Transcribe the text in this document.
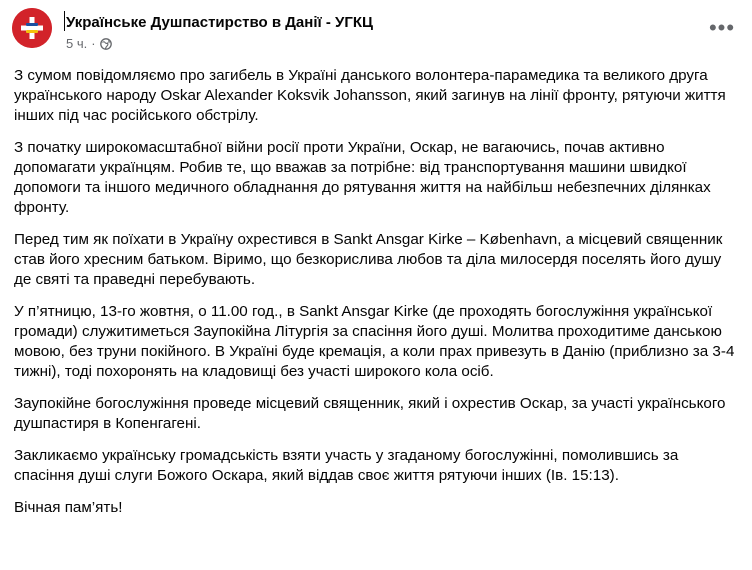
Українське Душпастирство в Данії - УГКЦ
5 ч. ·
•••

З сумом повідомляємо про загибель в Україні данського волонтера-парамедика та великого друга українського народу Oskar Alexander Koksvik Johansson, який загинув на лінії фронту, рятуючи життя інших під час російського обстрілу.

З початку широкомасштабної війни росії проти України, Оскар, не вагаючись, почав активно допомагати українцям. Робив те, що вважав за потрібне: від транспортування машини швидкої допомоги та іншого медичного обладнання до рятування життя на найбільш небезпечних ділянках фронту.

Перед тим як поїхати в Україну охрестився в Sankt Ansgar Kirke – København, а місцевий священник став його хресним батьком. Віримо, що безкорислива любов та діла милосердя поселять його душу де святі та праведні перебувають.

У п’ятницю, 13-го жовтня, о 11.00 год., в Sankt Ansgar Kirke (де проходять богослужіння української громади) служитиметься Заупокійна Літургія за спасіння його душі. Молитва проходитиме данською мовою, без труни покійного. В Україні буде кремація, а коли прах привезуть в Данію (приблизно за 3-4 тижні), тоді похоронять на кладовищі без участі широкого кола осіб.

Заупокійне богослужіння проведе місцевий священник, який і охрестив Оскар, за участі українського душпастиря в Копенгагені.

Закликаємо українську громадськість взяти участь у згаданому богослужінні, помолившись за спасіння душі слуги Божого Оскара, який віддав своє життя рятуючи інших (Ів. 15:13).

Вічная пам’ять!
